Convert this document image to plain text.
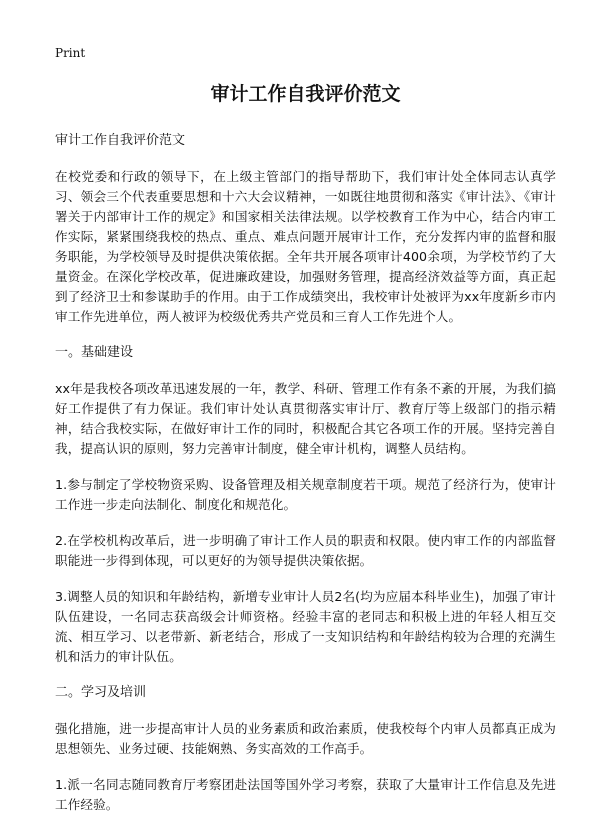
Print
审计工作自我评价范文
审计工作自我评价范文

在校党委和行政的领导下，在上级主管部门的指导帮助下，我们审计处全体同志认真学习、领会三个代表重要思想和十六大会议精神，一如既往地贯彻和落实《审计法》、《审计署关于内部审计工作的规定》和国家相关法律法规。以学校教育工作为中心，结合内审工作实际，紧紧围绕我校的热点、重点、难点问题开展审计工作，充分发挥内审的监督和服务职能，为学校领导及时提供决策依据。全年共开展各项审计400余项，为学校节约了大量资金。在深化学校改革，促进廉政建设，加强财务管理，提高经济效益等方面，真正起到了经济卫士和参谋助手的作用。由于工作成绩突出，我校审计处被评为xx年度新乡市内审工作先进单位，两人被评为校级优秀共产党员和三育人工作先进个人。

一。基础建设

xx年是我校各项改革迅速发展的一年，教学、科研、管理工作有条不紊的开展，为我们搞好工作提供了有力保证。我们审计处认真贯彻落实审计厅、教育厅等上级部门的指示精神，结合我校实际，在做好审计工作的同时，积极配合其它各项工作的开展。坚持完善自我，提高认识的原则，努力完善审计制度，健全审计机构，调整人员结构。

1.参与制定了学校物资采购、设备管理及相关规章制度若干项。规范了经济行为，使审计工作进一步走向法制化、制度化和规范化。

2.在学校机构改革后，进一步明确了审计工作人员的职责和权限。使内审工作的内部监督职能进一步得到体现，可以更好的为领导提供决策依据。

3.调整人员的知识和年龄结构，新增专业审计人员2名(均为应届本科毕业生)，加强了审计队伍建设，一名同志获高级会计师资格。经验丰富的老同志和积极上进的年轻人相互交流、相互学习、以老带新、新老结合，形成了一支知识结构和年龄结构较为合理的充满生机和活力的审计队伍。

二。学习及培训

强化措施，进一步提高审计人员的业务素质和政治素质，使我校每个内审人员都真正成为　思想领先、业务过硬、技能娴熟、务实高效的工作高手。

1.派一名同志随同教育厅考察团赴法国等国外学习考察，获取了大量审计工作信息及先进工作经验。
